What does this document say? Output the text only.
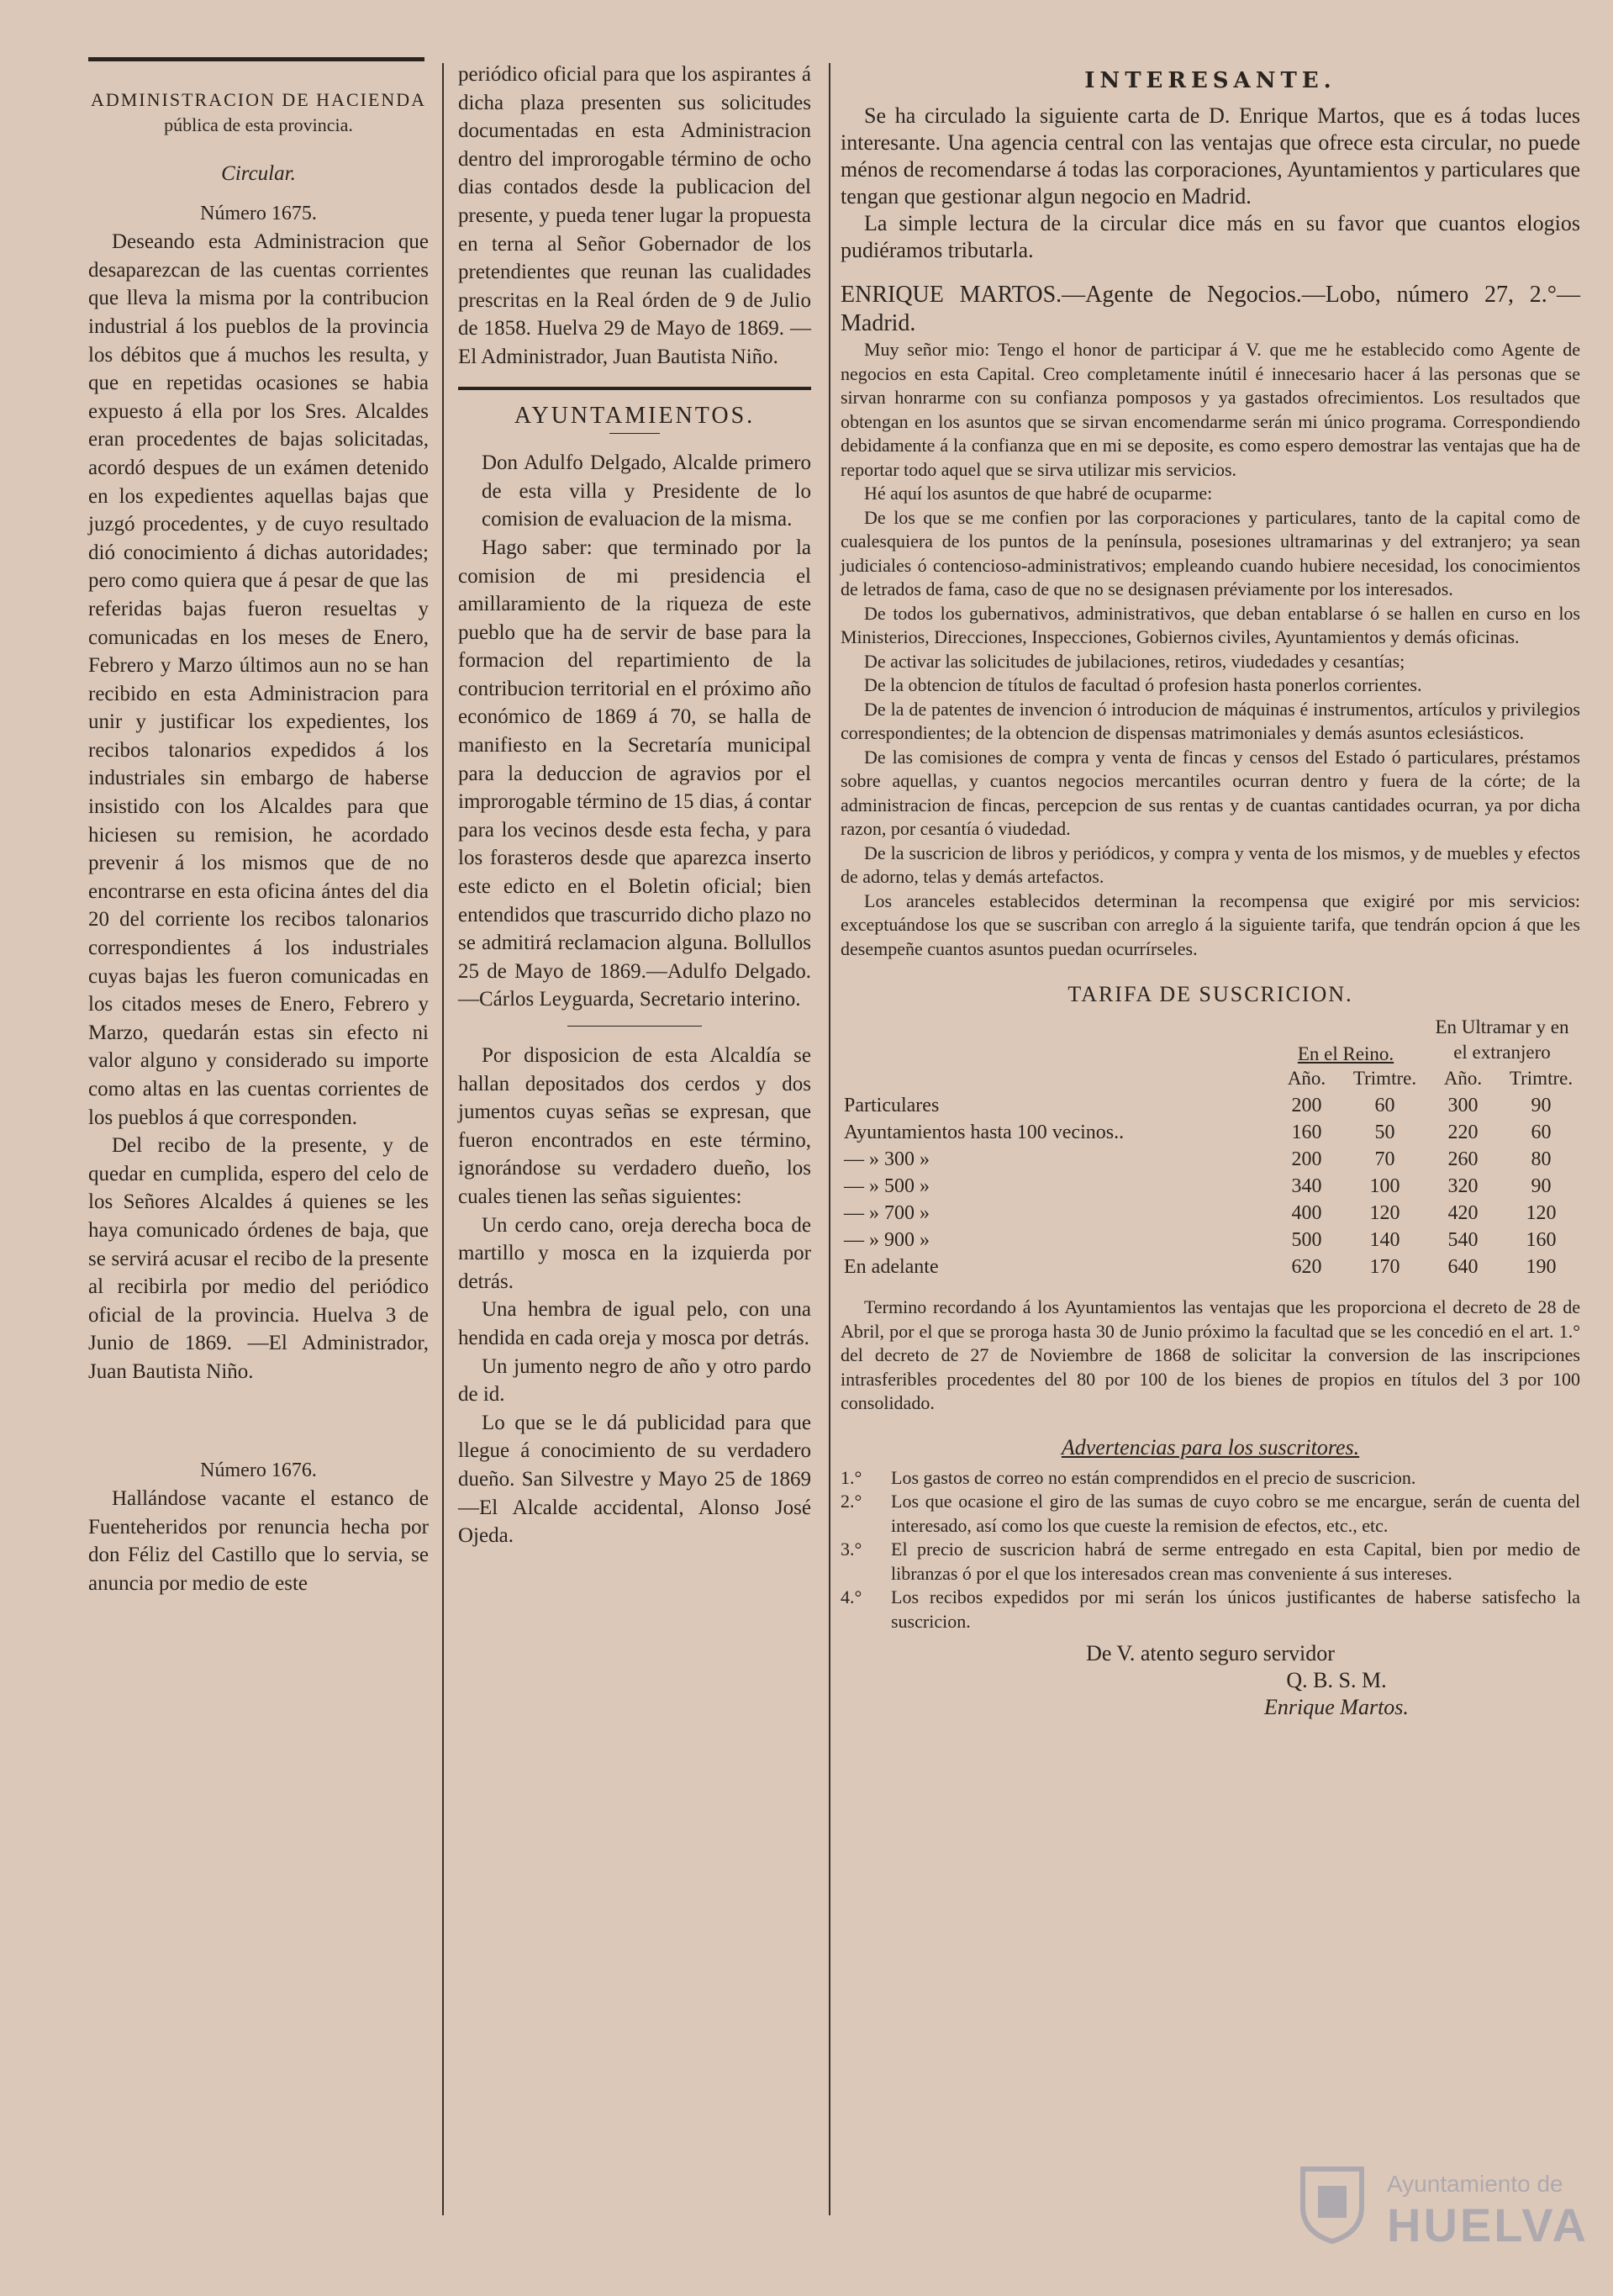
ADMINISTRACION DE HACIENDA

pública de esta provincia.

Circular.

Número 1675.

Deseando esta Administracion que desaparezcan de las cuentas corrientes que lleva la misma por la contribucion industrial á los pueblos de la provincia los débitos que á muchos les resulta, y que en repetidas ocasiones se habia expuesto á ella por los Sres. Alcaldes eran procedentes de bajas solicitadas, acordó despues de un exámen detenido en los expedientes aquellas bajas que juzgó procedentes, y de cuyo resultado dió conocimiento á dichas autoridades; pero como quiera que á pesar de que las referidas bajas fueron resueltas y comunicadas en los meses de Enero, Febrero y Marzo últimos aun no se han recibido en esta Administracion para unir y justificar los expedientes, los recibos talonarios expedidos á los industriales sin embargo de haberse insistido con los Alcaldes para que hiciesen su remision, he acordado prevenir á los mismos que de no encontrarse en esta oficina ántes del dia 20 del corriente los recibos talonarios correspondientes á los industriales cuyas bajas les fueron comunicadas en los citados meses de Enero, Febrero y Marzo, quedarán estas sin efecto ni valor alguno y considerado su importe como altas en las cuentas corrientes de los pueblos á que corresponden.

Del recibo de la presente, y de quedar en cumplida, espero del celo de los Señores Alcaldes á quienes se les haya comunicado órdenes de baja, que se servirá acusar el recibo de la presente al recibirla por medio del periódico oficial de la provincia. Huelva 3 de Junio de 1869. —El Administrador, Juan Bautista Niño.

Número 1676.

Hallándose vacante el estanco de Fuenteheridos por renuncia hecha por don Féliz del Castillo que lo servia, se anuncia por medio de este

periódico oficial para que los aspirantes á dicha plaza presenten sus solicitudes documentadas en esta Administracion dentro del improrogable término de ocho dias contados desde la publicacion del presente, y pueda tener lugar la propuesta en terna al Señor Gobernador de los pretendientes que reunan las cualidades prescritas en la Real órden de 9 de Julio de 1858. Huelva 29 de Mayo de 1869. —El Administrador, Juan Bautista Niño.

AYUNTAMIENTOS.

Don Adulfo Delgado, Alcalde primero de esta villa y Presidente de lo comision de evaluacion de la misma.

Hago saber: que terminado por la comision de mi presidencia el amillaramiento de la riqueza de este pueblo que ha de servir de base para la formacion del repartimiento de la contribucion territorial en el próximo año económico de 1869 á 70, se halla de manifiesto en la Secretaría municipal para la deduccion de agravios por el improrogable término de 15 dias, á contar para los vecinos desde esta fecha, y para los forasteros desde que aparezca inserto este edicto en el Boletin oficial; bien entendidos que trascurrido dicho plazo no se admitirá reclamacion alguna. Bollullos 25 de Mayo de 1869.—Adulfo Delgado.—Cárlos Leyguarda, Secretario interino.

Por disposicion de esta Alcaldía se hallan depositados dos cerdos y dos jumentos cuyas señas se expresan, que fueron encontrados en este término, ignorándose su verdadero dueño, los cuales tienen las señas siguientes:

Un cerdo cano, oreja derecha boca de martillo y mosca en la izquierda por detrás.

Una hembra de igual pelo, con una hendida en cada oreja y mosca por detrás.

Un jumento negro de año y otro pardo de id.

Lo que se le dá publicidad para que llegue á conocimiento de su verdadero dueño. San Silvestre y Mayo 25 de 1869 —El Alcalde accidental, Alonso José Ojeda.

INTERESANTE.

Se ha circulado la siguiente carta de D. Enrique Martos, que es á todas luces interesante. Una agencia central con las ventajas que ofrece esta circular, no puede ménos de recomendarse á todas las corporaciones, Ayuntamientos y particulares que tengan que gestionar algun negocio en Madrid.

La simple lectura de la circular dice más en su favor que cuantos elogios pudiéramos tributarla.

ENRIQUE MARTOS.—Agente de Negocios.—Lobo, número 27, 2.°—Madrid.

Muy señor mio: Tengo el honor de participar á V. que me he establecido como Agente de negocios en esta Capital. Creo completamente inútil é innecesario hacer á las personas que se sirvan honrarme con su confianza pomposos y ya gastados ofrecimientos. Los resultados que obtengan en los asuntos que se sirvan encomendarme serán mi único programa. Correspondiendo debidamente á la confianza que en mi se deposite, es como espero demostrar las ventajas que ha de reportar todo aquel que se sirva utilizar mis servicios.

Hé aquí los asuntos de que habré de ocuparme:

De los que se me confien por las corporaciones y particulares, tanto de la capital como de cualesquiera de los puntos de la península, posesiones ultramarinas y del extranjero; ya sean judiciales ó contencioso-administrativos; empleando cuando hubiere necesidad, los conocimientos de letrados de fama, caso de que no se designasen préviamente por los interesados.

De todos los gubernativos, administrativos, que deban entablarse ó se hallen en curso en los Ministerios, Direcciones, Inspecciones, Gobiernos civiles, Ayuntamientos y demás oficinas.

De activar las solicitudes de jubilaciones, retiros, viudedades y cesantías;

De la obtencion de títulos de facultad ó profesion hasta ponerlos corrientes.

De la de patentes de invencion ó introducion de máquinas é instrumentos, artículos y privilegios correspondientes; de la obtencion de dispensas matrimoniales y demás asuntos eclesiásticos.

De las comisiones de compra y venta de fincas y censos del Estado ó particulares, préstamos sobre aquellas, y cuantos negocios mercantiles ocurran dentro y fuera de la córte; de la administracion de fincas, percepcion de sus rentas y de cuantas cantidades ocurran, ya por dicha razon, por cesantía ó viudedad.

De la suscricion de libros y periódicos, y compra y venta de los mismos, y de muebles y efectos de adorno, telas y demás artefactos.

Los aranceles establecidos determinan la recompensa que exigiré por mis servicios: exceptuándose los que se suscriban con arreglo á la siguiente tarifa, que tendrán opcion á que les desempeñe cuantos asuntos puedan ocurrírseles.

TARIFA DE SUSCRICION.

	En el Reino.		En Ultramar y en el extranjero	
	Año.	Trimtre.	Año.	Trimtre.
Particulares	200	60	300	90
Ayuntamientos hasta 100 vecinos..	160	50	220	60
— » 300 »	200	70	260	80
— » 500 »	340	100	320	90
— » 700 »	400	120	420	120
— » 900 »	500	140	540	160
En adelante	620	170	640	190

Termino recordando á los Ayuntamientos las ventajas que les proporciona el decreto de 28 de Abril, por el que se proroga hasta 30 de Junio próximo la facultad que se les concedió en el art. 1.° del decreto de 27 de Noviembre de 1868 de solicitar la conversion de las inscripciones intrasferibles procedentes del 80 por 100 de los bienes de propios en títulos del 3 por 100 consolidado.

Advertencias para los suscritores.

1.°	Los gastos de correo no están comprendidos en el precio de suscricion.
2.°	Los que ocasione el giro de las sumas de cuyo cobro se me encargue, serán de cuenta del interesado, así como los que cueste la remision de efectos, etc., etc.
3.°	El precio de suscricion habrá de serme entregado en esta Capital, bien por medio de libranzas ó por el que los interesados crean mas conveniente á sus intereses.
4.°	Los recibos expedidos por mi serán los únicos justificantes de haberse satisfecho la suscricion.

De V. atento seguro servidor

Q. B. S. M.

Enrique Martos.

Ayuntamiento de
HUELVA
